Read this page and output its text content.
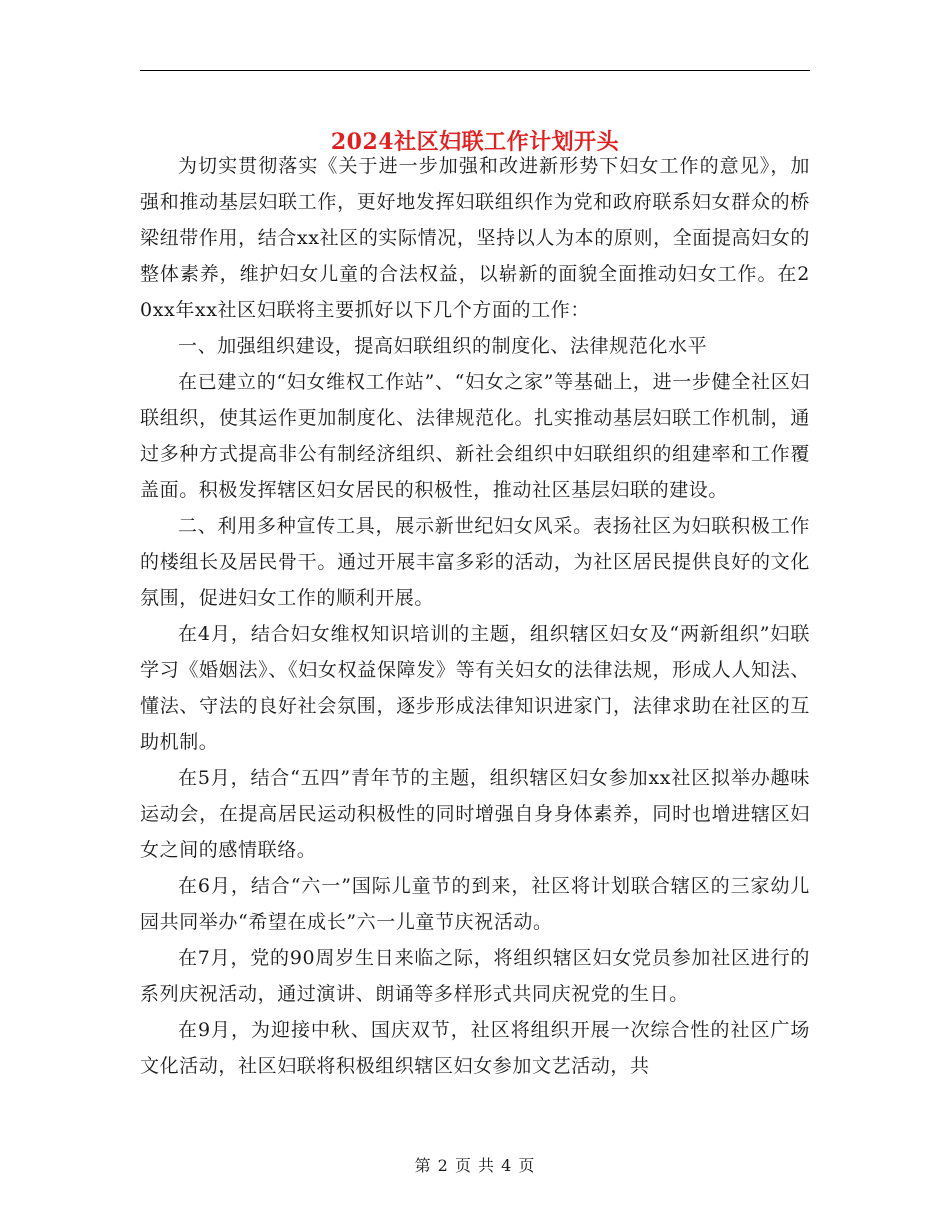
2024社区妇联工作计划开头

为切实贯彻落实《关于进一步加强和改进新形势下妇女工作的意见》，加强和推动基层妇联工作，更好地发挥妇联组织作为党和政府联系妇女群众的桥梁纽带作用，结合xx社区的实际情况，坚持以人为本的原则，全面提高妇女的整体素养，维护妇女儿童的合法权益，以崭新的面貌全面推动妇女工作。在20xx年xx社区妇联将主要抓好以下几个方面的工作：

一、加强组织建设，提高妇联组织的制度化、法律规范化水平

在已建立的“妇女维权工作站”、“妇女之家”等基础上，进一步健全社区妇联组织，使其运作更加制度化、法律规范化。扎实推动基层妇联工作机制，通过多种方式提高非公有制经济组织、新社会组织中妇联组织的组建率和工作覆盖面。积极发挥辖区妇女居民的积极性，推动社区基层妇联的建设。

二、利用多种宣传工具，展示新世纪妇女风采。表扬社区为妇联积极工作的楼组长及居民骨干。通过开展丰富多彩的活动，为社区居民提供良好的文化氛围，促进妇女工作的顺利开展。

在4月，结合妇女维权知识培训的主题，组织辖区妇女及“两新组织”妇联学习《婚姻法》、《妇女权益保障发》等有关妇女的法律法规，形成人人知法、懂法、守法的良好社会氛围，逐步形成法律知识进家门，法律求助在社区的互助机制。

在5月，结合“五四”青年节的主题，组织辖区妇女参加xx社区拟举办趣味运动会，在提高居民运动积极性的同时增强自身身体素养，同时也增进辖区妇女之间的感情联络。

在6月，结合“六一”国际儿童节的到来，社区将计划联合辖区的三家幼儿园共同举办“希望在成长”六一儿童节庆祝活动。

在7月，党的90周岁生日来临之际，将组织辖区妇女党员参加社区进行的系列庆祝活动，通过演讲、朗诵等多样形式共同庆祝党的生日。

在9月，为迎接中秋、国庆双节，社区将组织开展一次综合性的社区广场文化活动，社区妇联将积极组织辖区妇女参加文艺活动，共

第 2 页 共 4 页
